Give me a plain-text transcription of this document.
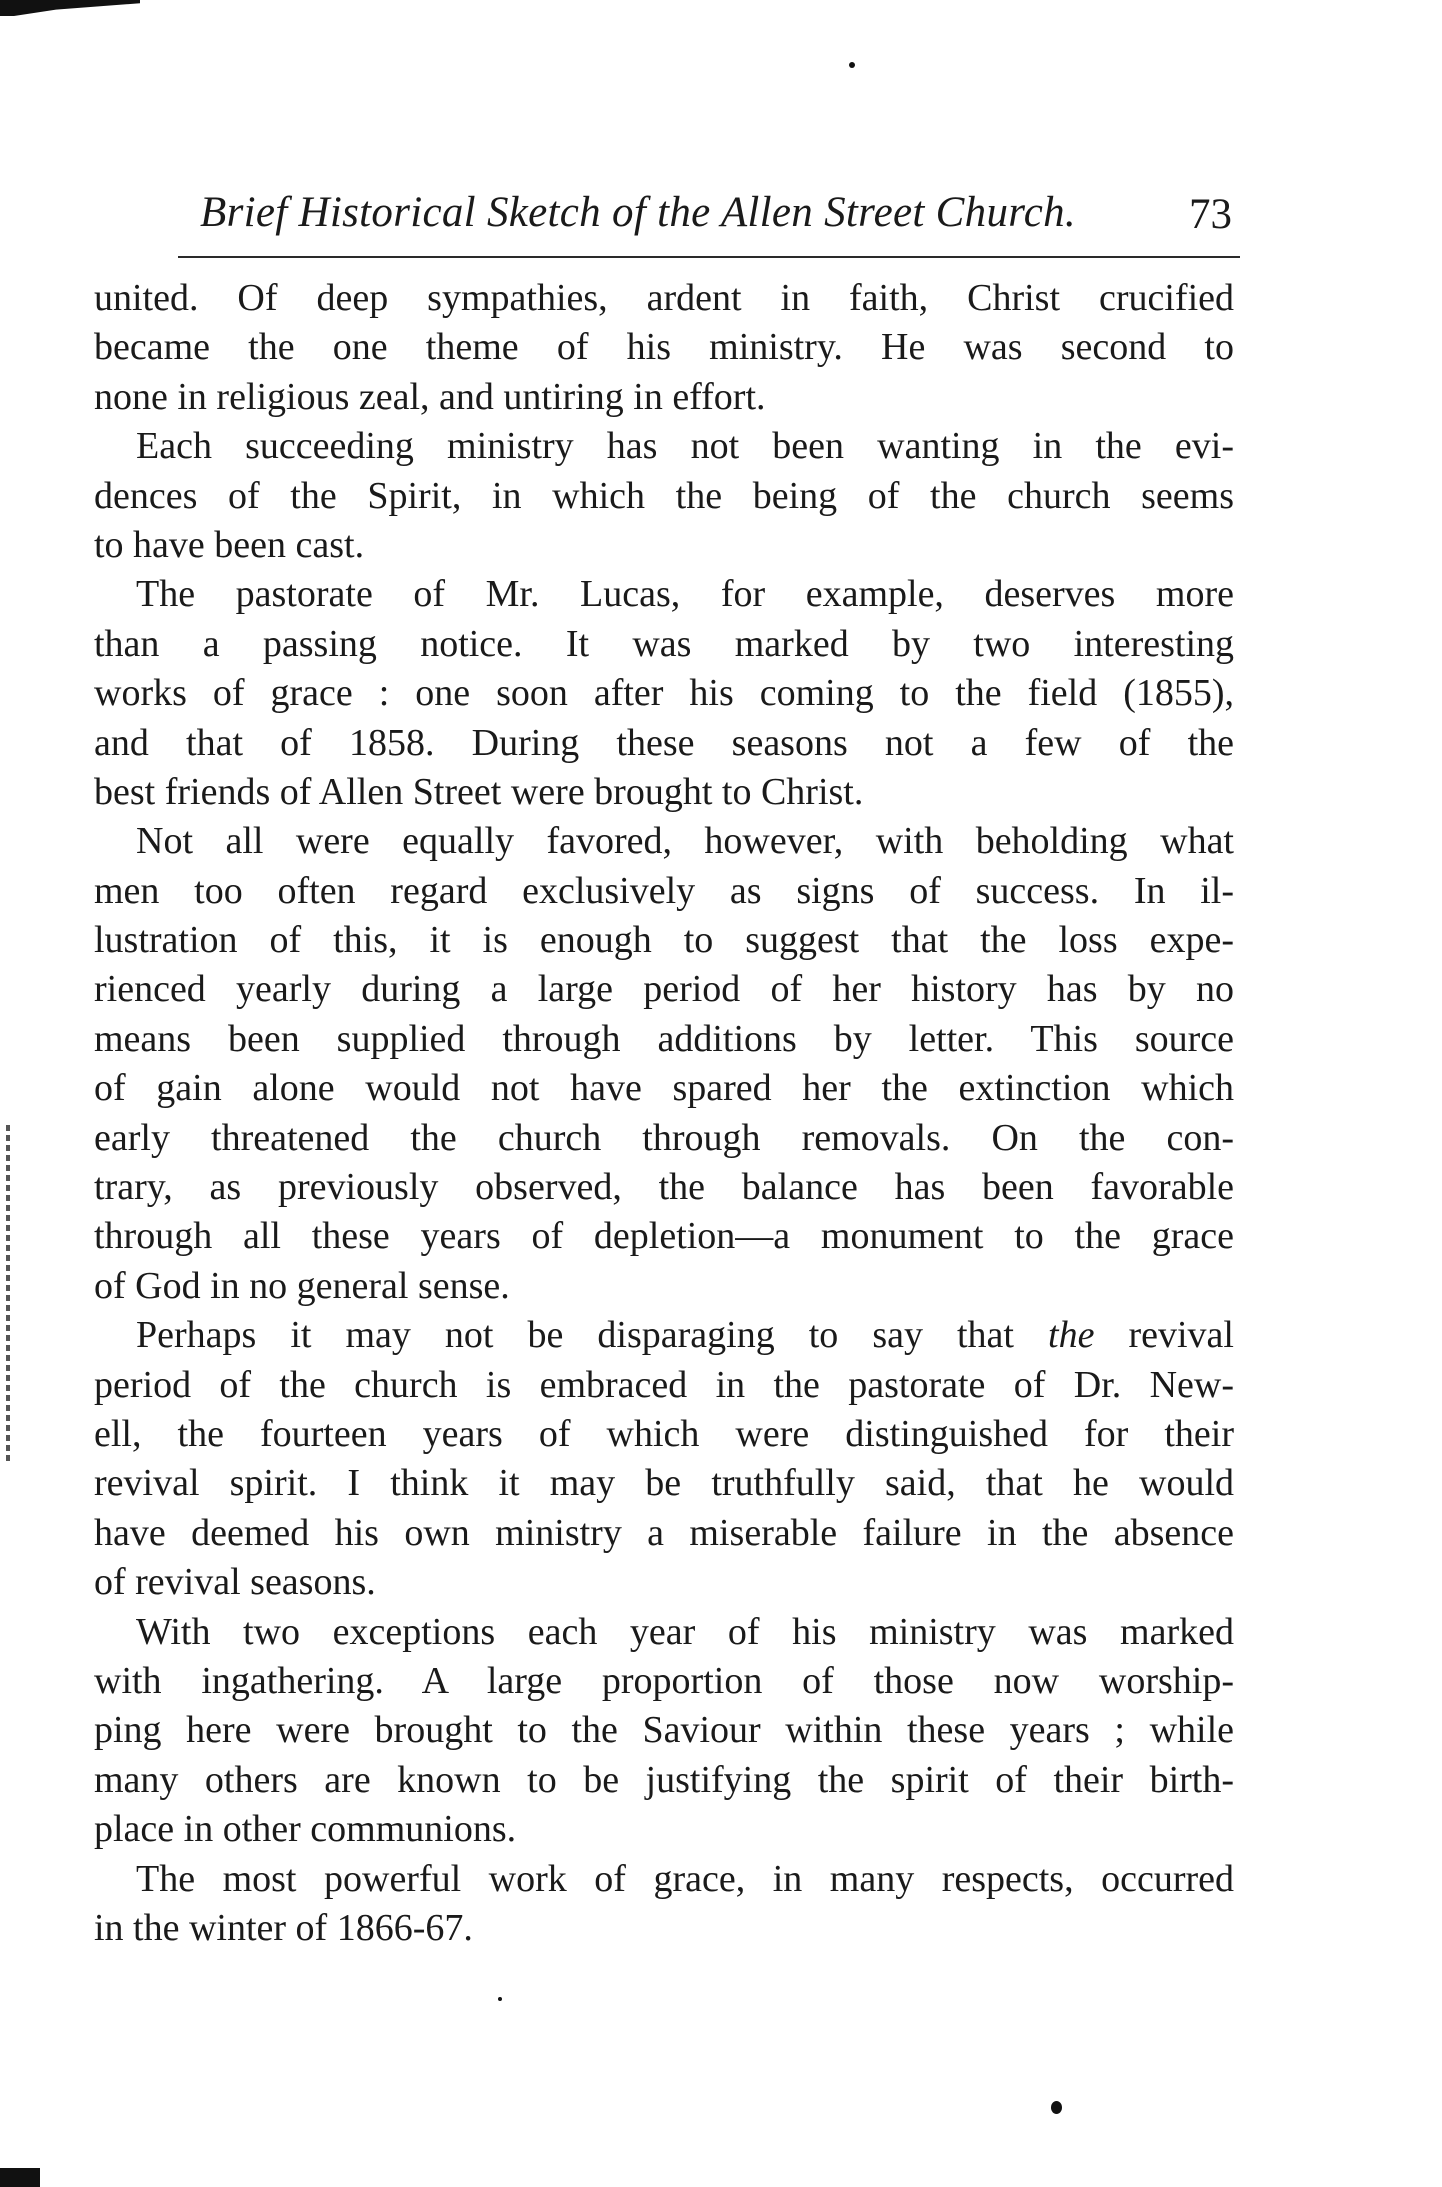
Brief Historical Sketch of the Allen Street Church.	73

united. Of deep sympathies, ardent in faith, Christ crucified
became the one theme of his ministry. He was second to
none in religious zeal, and untiring in effort.

Each succeeding ministry has not been wanting in the evi-
dences of the Spirit, in which the being of the church seems
to have been cast.

The pastorate of Mr. Lucas, for example, deserves more
than a passing notice. It was marked by two interesting
works of grace : one soon after his coming to the field (1855),
and that of 1858. During these seasons not a few of the
best friends of Allen Street were brought to Christ.

Not all were equally favored, however, with beholding what
men too often regard exclusively as signs of success. In il-
lustration of this, it is enough to suggest that the loss expe-
rienced yearly during a large period of her history has by no
means been supplied through additions by letter. This source
of gain alone would not have spared her the extinction which
early threatened the church through removals. On the con-
trary, as previously observed, the balance has been favorable
through all these years of depletion—a monument to the grace
of God in no general sense.

Perhaps it may not be disparaging to say that the revival
period of the church is embraced in the pastorate of Dr. New-
ell, the fourteen years of which were distinguished for their
revival spirit. I think it may be truthfully said, that he would
have deemed his own ministry a miserable failure in the absence
of revival seasons.

With two exceptions each year of his ministry was marked
with ingathering. A large proportion of those now worship-
ping here were brought to the Saviour within these years ; while
many others are known to be justifying the spirit of their birth-
place in other communions.

The most powerful work of grace, in many respects, occurred
in the winter of 1866-67.
